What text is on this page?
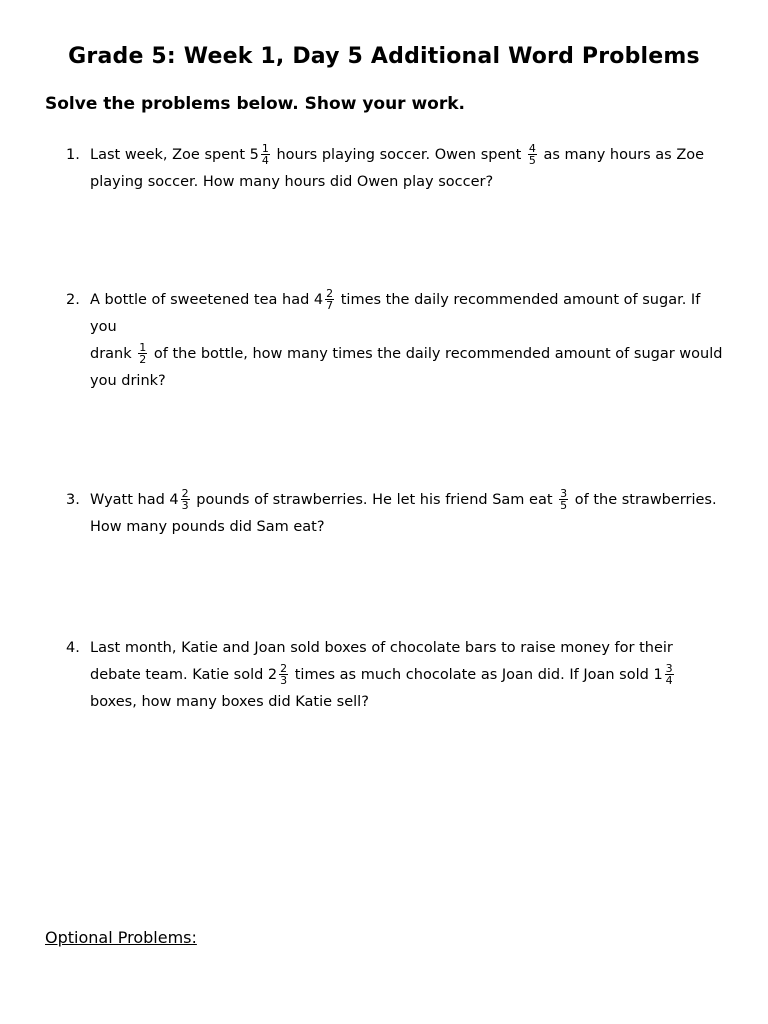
Grade 5: Week 1, Day 5 Additional Word Problems
Solve the problems below. Show your work.
1. Last week, Zoe spent $5 \frac{1}{4}$ hours playing soccer. Owen spent $\frac{4}{5}$ as many hours as Zoe playing soccer. How many hours did Owen play soccer?
2. A bottle of sweetened tea had $4 \frac{2}{7}$ times the daily recommended amount of sugar. If you
drank $\frac{1}{2}$ of the bottle, how many times the daily recommended amount of sugar would you drink?
3. Wyatt had $4 \frac{2}{3}$ pounds of strawberries. He let his friend Sam eat $\frac{3}{5}$ of the strawberries. How many pounds did Sam eat?
4. Last month, Katie and Joan sold boxes of chocolate bars to raise money for their debate team. Katie sold $2 \frac{2}{3}$ times as much chocolate as Joan did. If Joan sold $1 \frac{3}{4}$
boxes, how many boxes did Katie sell?
Optional Problems:
